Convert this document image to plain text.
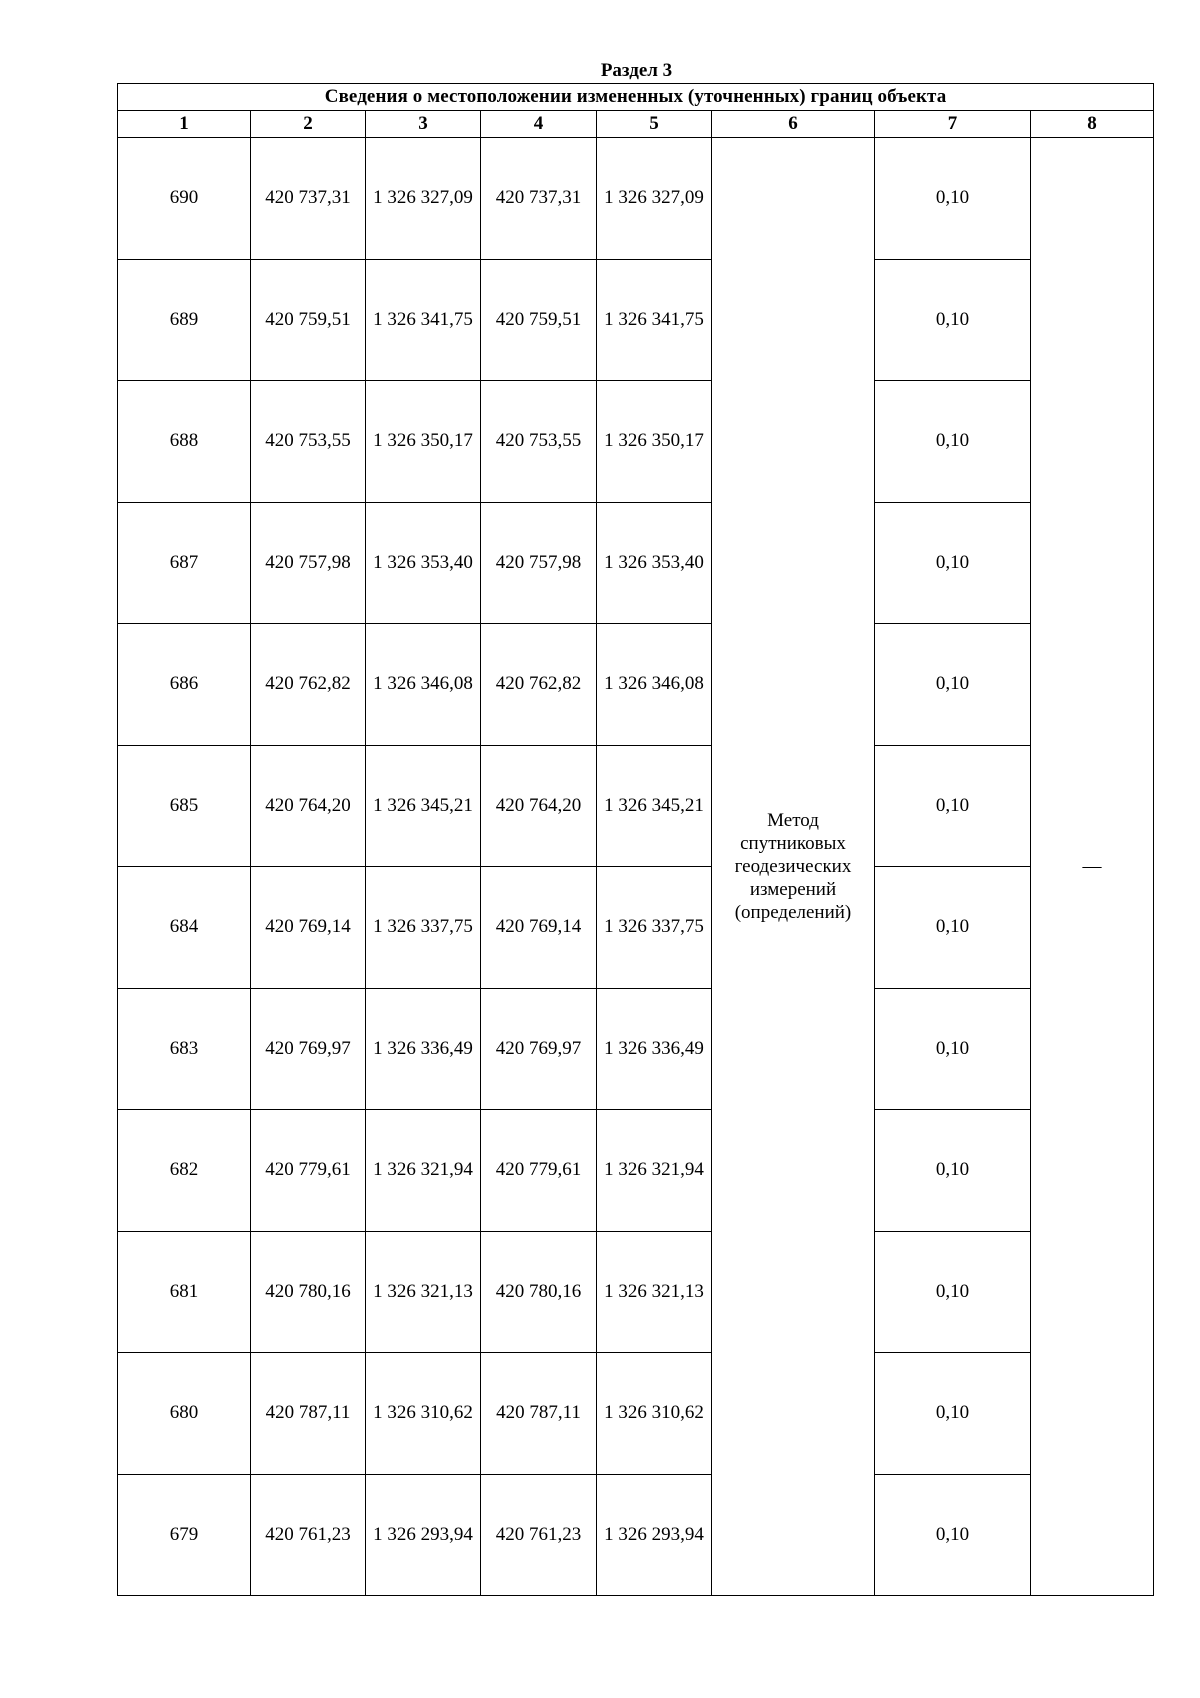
Раздел 3
Сведения о местоположении измененных (уточненных) границ объекта							
1	2	3	4	5	6	7	8
690	420 737,31	1 326 327,09	420 737,31	1 326 327,09	Метод
спутниковых
геодезических
измерений
(определений)	0,10	—
689	420 759,51	1 326 341,75	420 759,51	1 326 341,75		0,10	
688	420 753,55	1 326 350,17	420 753,55	1 326 350,17		0,10	
687	420 757,98	1 326 353,40	420 757,98	1 326 353,40		0,10	
686	420 762,82	1 326 346,08	420 762,82	1 326 346,08		0,10	
685	420 764,20	1 326 345,21	420 764,20	1 326 345,21		0,10	
684	420 769,14	1 326 337,75	420 769,14	1 326 337,75		0,10	
683	420 769,97	1 326 336,49	420 769,97	1 326 336,49		0,10	
682	420 779,61	1 326 321,94	420 779,61	1 326 321,94		0,10	
681	420 780,16	1 326 321,13	420 780,16	1 326 321,13		0,10	
680	420 787,11	1 326 310,62	420 787,11	1 326 310,62		0,10	
679	420 761,23	1 326 293,94	420 761,23	1 326 293,94		0,10	
